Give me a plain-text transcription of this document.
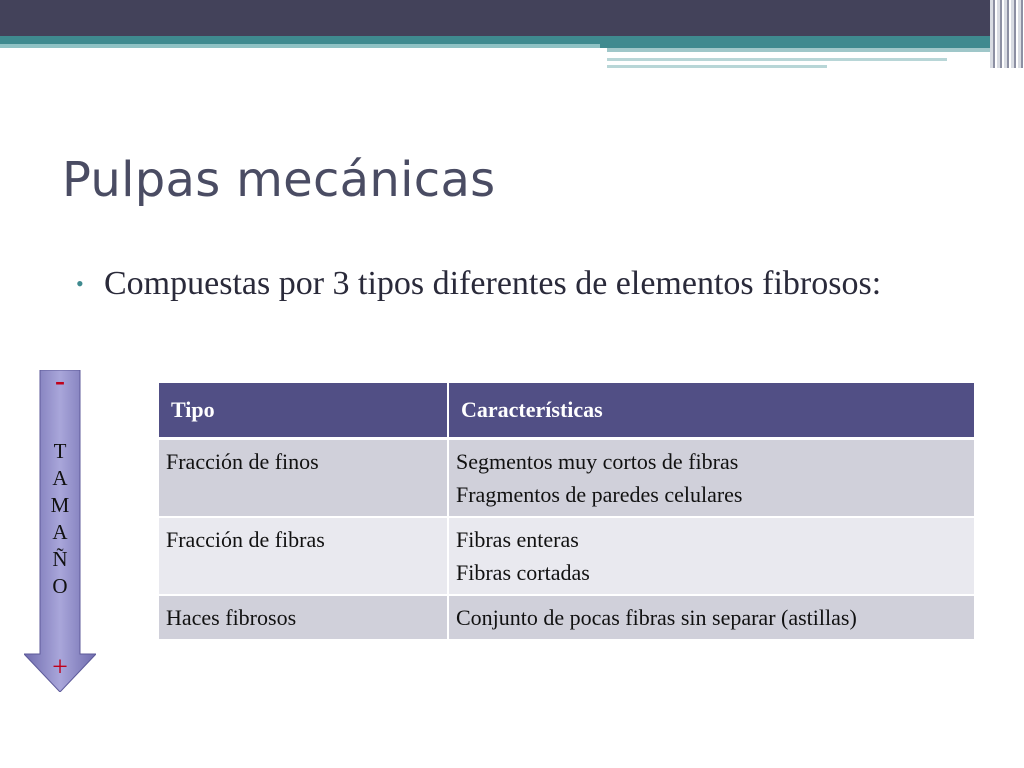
Pulpas mecánicas
• Compuestas por 3 tipos diferentes de elementos fibrosos:
-
T
A
M
A
Ñ
O
+
Tipo	Características
Fracción de finos	Segmentos muy cortos de fibras
Fragmentos de paredes celulares

Fracción de fibras	Fibras enteras
Fibras cortadas

Haces fibrosos	Conjunto de pocas fibras sin separar (astillas)
